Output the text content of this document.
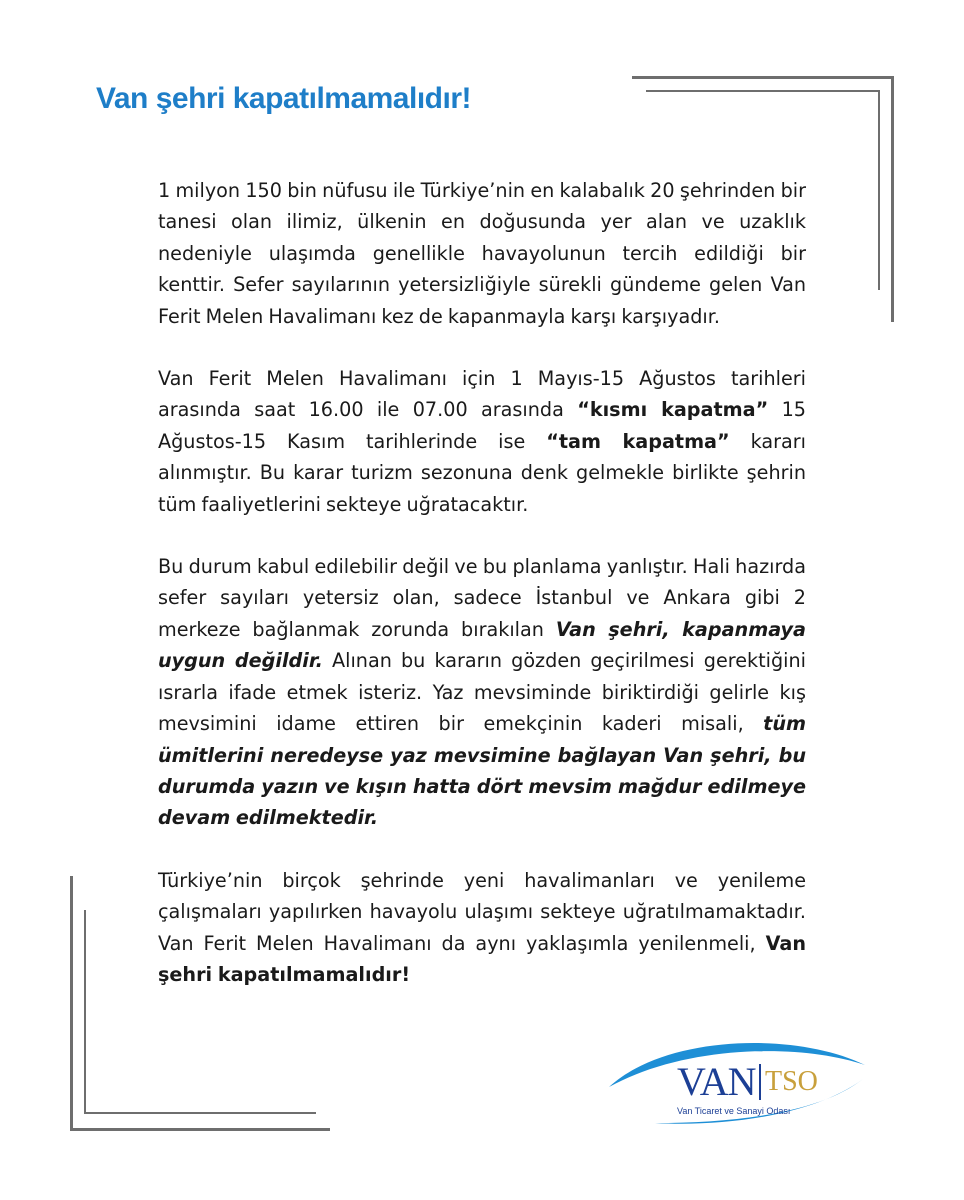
Van şehri kapatılmamalıdır!

1 milyon 150 bin nüfusu ile Türkiye’nin en kalabalık 20 şehrinden bir tanesi olan ilimiz, ülkenin en doğusunda yer alan ve uzaklık nedeniyle ulaşımda genellikle havayolunun tercih edildiği bir kenttir. Sefer sayılarının yetersizliğiyle sürekli gündeme gelen Van Ferit Melen Havalimanı kez de kapanmayla karşı karşıyadır.

Van Ferit Melen Havalimanı için 1 Mayıs-15 Ağustos tarihleri arasında saat 16.00 ile 07.00 arasında “kısmı kapatma” 15 Ağustos-15 Kasım tarihlerinde ise “tam kapatma” kararı alınmıştır. Bu karar turizm sezonuna denk gelmekle birlikte şehrin tüm faaliyetlerini sekteye uğratacaktır.

Bu durum kabul edilebilir değil ve bu planlama yanlıştır. Hali hazırda sefer sayıları yetersiz olan, sadece İstanbul ve Ankara gibi 2 merkeze bağlanmak zorunda bırakılan Van şehri, kapanmaya uygun değildir. Alınan bu kararın gözden geçirilmesi gerektiğini ısrarla ifade etmek isteriz. Yaz mevsiminde biriktirdiği gelirle kış mevsimini idame ettiren bir emekçinin kaderi misali, tüm ümitlerini neredeyse yaz mevsimine bağlayan Van şehri, bu durumda yazın ve kışın hatta dört mevsim mağdur edilmeye devam edilmektedir.

Türkiye’nin birçok şehrinde yeni havalimanları ve yenileme çalışmaları yapılırken havayolu ulaşımı sekteye uğratılmamaktadır. Van Ferit Melen Havalimanı da aynı yaklaşımla yenilenmeli, Van şehri kapatılmamalıdır!

VAN TSO
Van Ticaret ve Sanayi Odası
